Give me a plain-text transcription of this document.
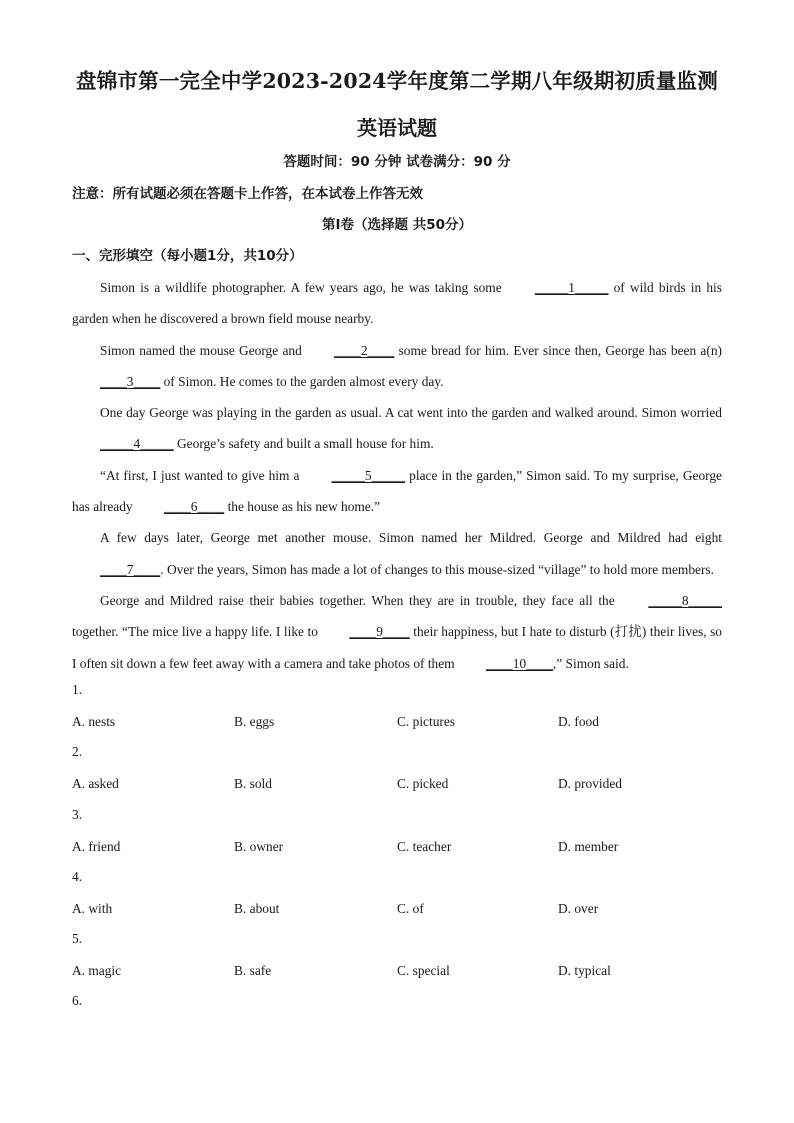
盘锦市第一完全中学2023-2024学年度第二学期八年级期初质量监测
英语试题
答题时间：90 分钟 试卷满分：90 分
注意：所有试题必须在答题卡上作答，在本试卷上作答无效
第Ⅰ卷（选择题 共50分）
一、完形填空（每小题1分，共10分）

Simon is a wildlife photographer. A few years ago, he was taking some _____1_____ of wild birds in his garden when he discovered a brown field mouse nearby.

Simon named the mouse George and ____2____ some bread for him. Ever since then, George has been a(n) ____3____ of Simon. He comes to the garden almost every day.

One day George was playing in the garden as usual. A cat went into the garden and walked around. Simon worried _____4_____ George’s safety and built a small house for him.

“At first, I just wanted to give him a _____5_____ place in the garden,” Simon said. To my surprise, George has already ____6____ the house as his new home.”

A few days later, George met another mouse. Simon named her Mildred. George and Mildred had eight ____7____. Over the years, Simon has made a lot of changes to this mouse-sized “village” to hold more members.

George and Mildred raise their babies together. When they are in trouble, they face all the _____8_____ together. “The mice live a happy life. I like to ____9____ their happiness, but I hate to disturb (打扰) their lives, so I often sit down a few feet away with a camera and take photos of them ____10____,” Simon said.

1.
A. nests	B. eggs	C. pictures	D. food
2.
A. asked	B. sold	C. picked	D. provided
3.
A. friend	B. owner	C. teacher	D. member
4.
A. with	B. about	C. of	D. over
5.
A. magic	B. safe	C. special	D. typical
6.
